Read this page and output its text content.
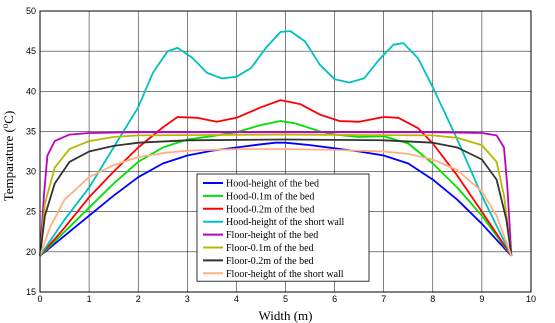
0	1	2	3	4	5	6	7	8	9	10
15
20
25
30
35
40
45
50
Width (m)
Temparature ($^o$C)
Hood-height of the bed
Hood-0.1m of the bed
Hood-0.2m of the bed
Hood-height of the short wall
Floor-height of the bed
Floor-0.1m of the bed
Floor-0.2m of the bed
Floor-height of the short wall
